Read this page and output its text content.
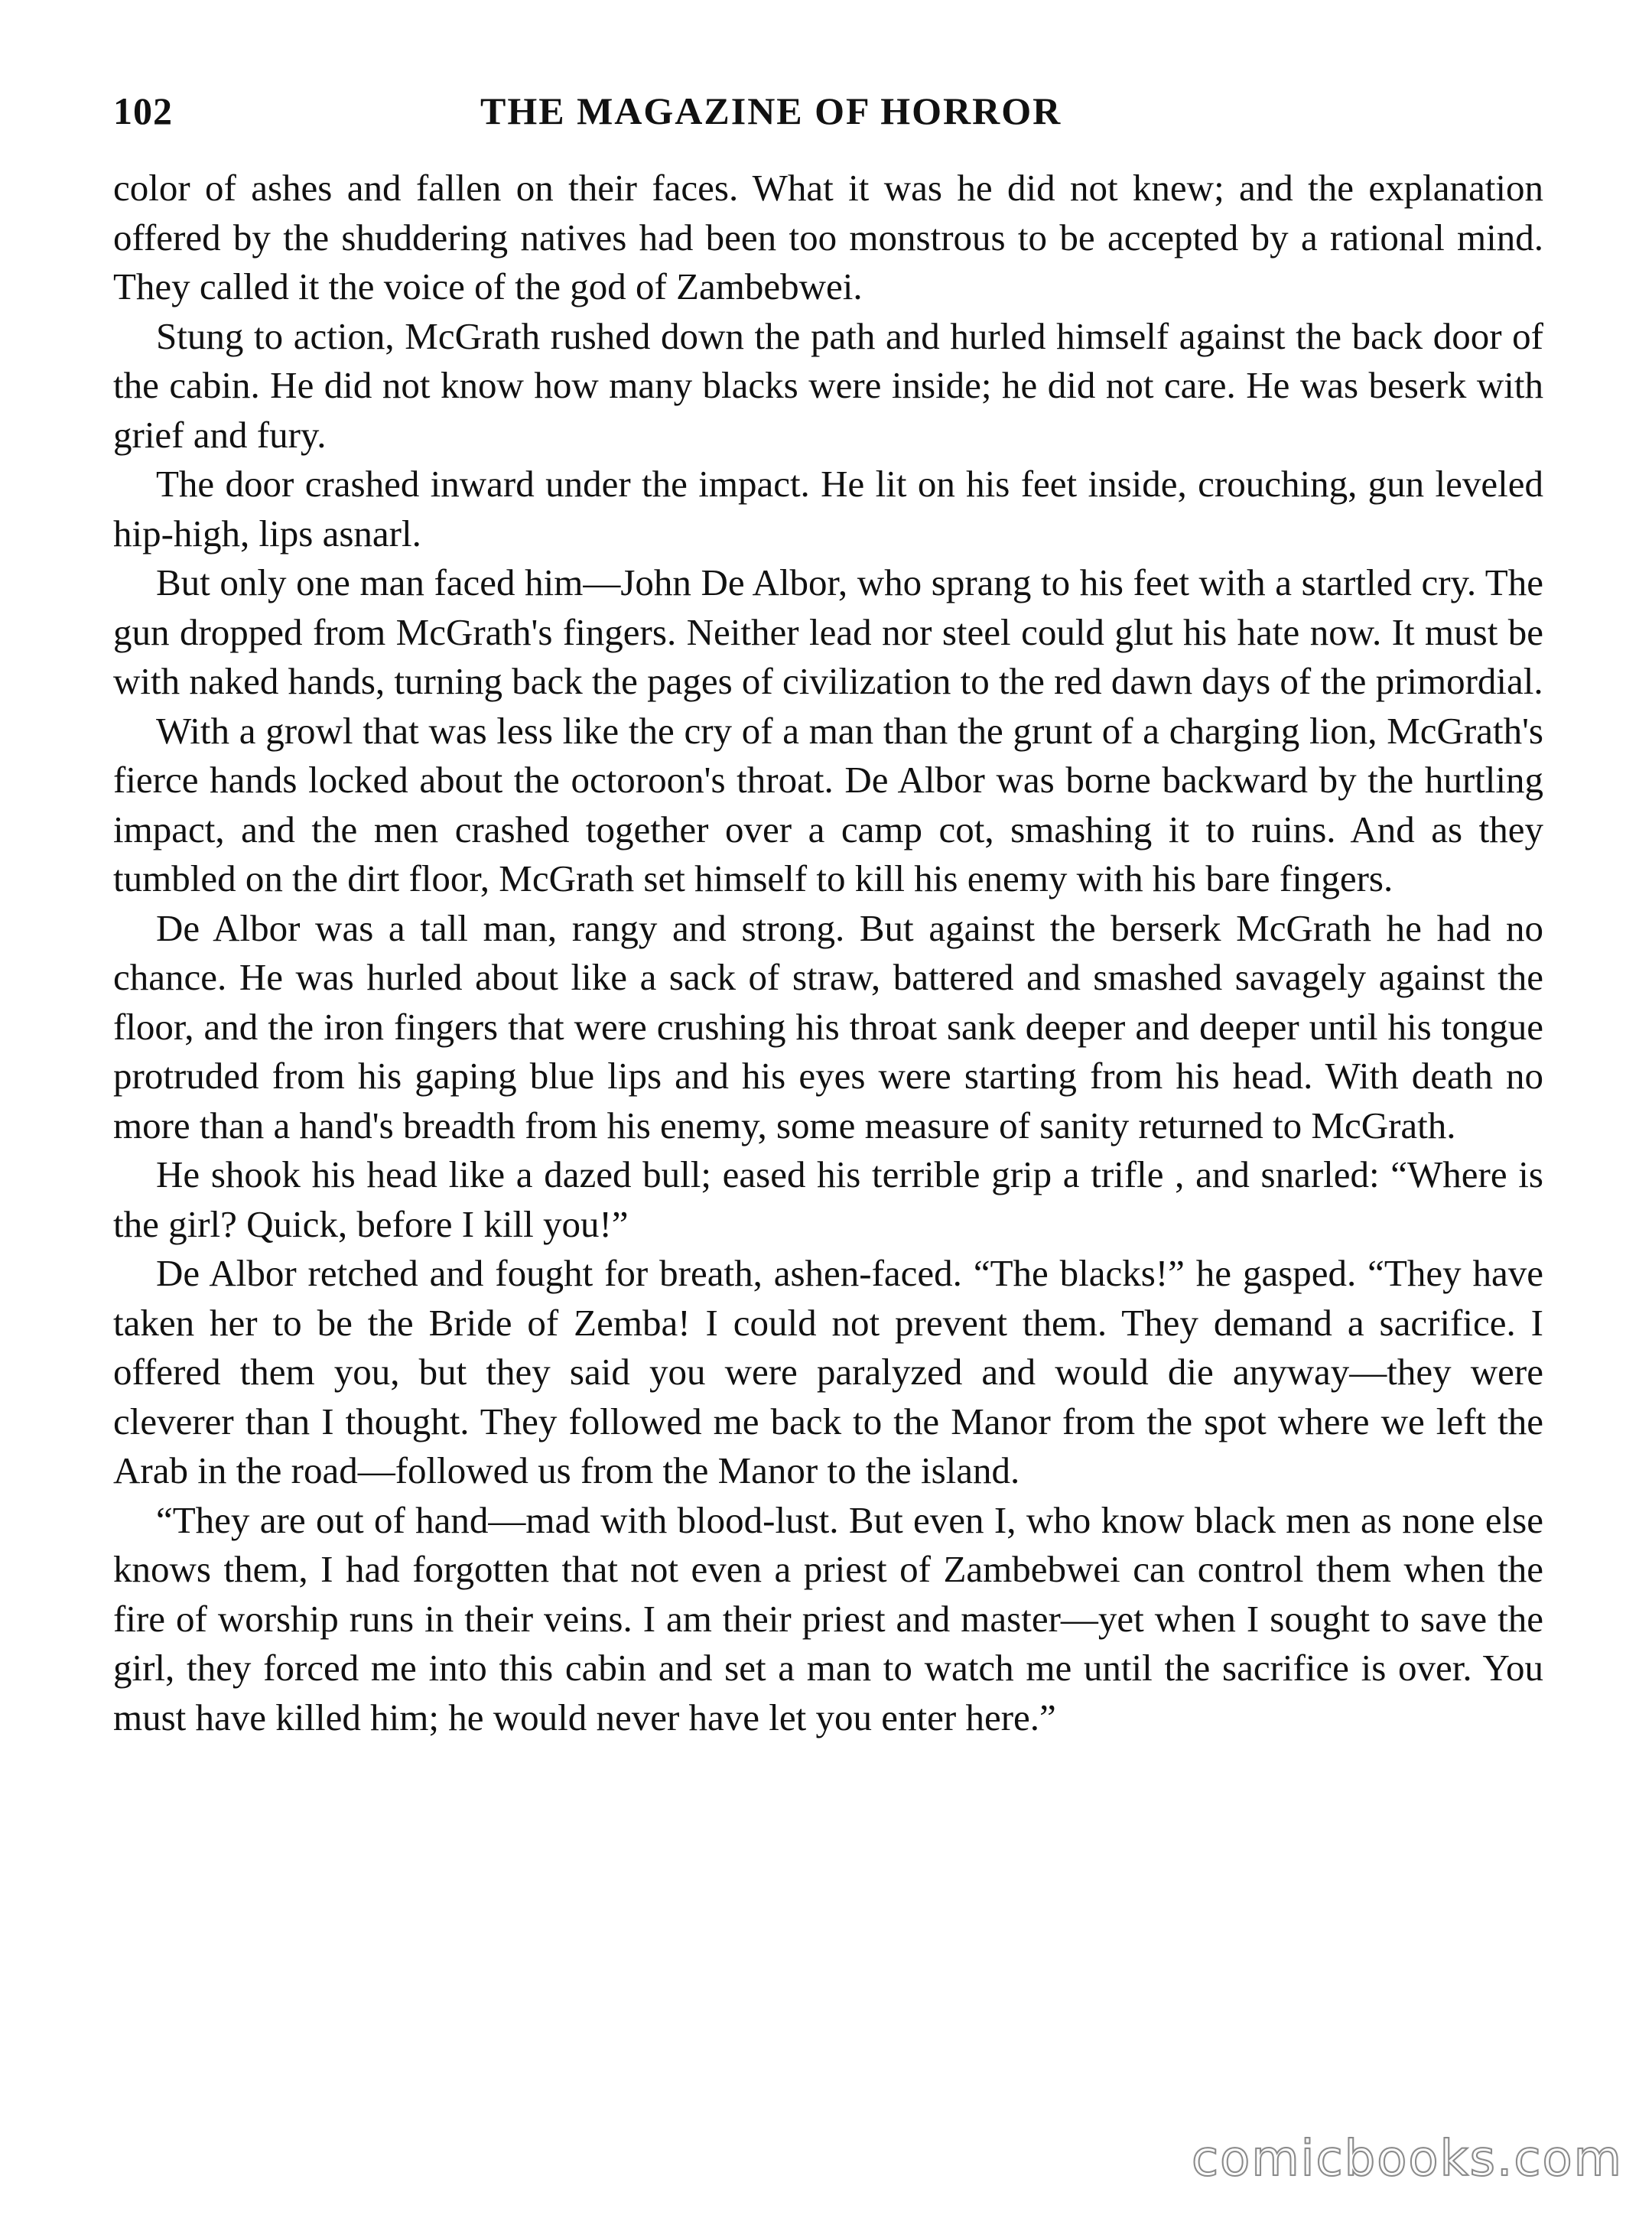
102	THE MAGAZINE OF HORROR

color of ashes and fallen on their faces. What it was he did not knew; and the explanation offered by the shuddering natives had been too monstrous to be accepted by a rational mind. They called it the voice of the god of Zambebwei.

Stung to action, McGrath rushed down the path and hurled himself against the back door of the cabin. He did not know how many blacks were inside; he did not care. He was beserk with grief and fury.

The door crashed inward under the impact. He lit on his feet inside, crouching, gun leveled hip-high, lips asnarl.

But only one man faced him—John De Albor, who sprang to his feet with a startled cry. The gun dropped from McGrath's fingers. Neither lead nor steel could glut his hate now. It must be with naked hands, turning back the pages of civilization to the red dawn days of the primordial.

With a growl that was less like the cry of a man than the grunt of a charging lion, McGrath's fierce hands locked about the octoroon's throat. De Albor was borne backward by the hurtling impact, and the men crashed together over a camp cot, smashing it to ruins. And as they tumbled on the dirt floor, McGrath set himself to kill his enemy with his bare fingers.

De Albor was a tall man, rangy and strong. But against the berserk McGrath he had no chance. He was hurled about like a sack of straw, battered and smashed savagely against the floor, and the iron fingers that were crushing his throat sank deeper and deeper until his tongue protruded from his gaping blue lips and his eyes were starting from his head. With death no more than a hand's breadth from his enemy, some measure of sanity returned to McGrath.

He shook his head like a dazed bull; eased his terrible grip a trifle , and snarled: “Where is the girl? Quick, before I kill you!”

De Albor retched and fought for breath, ashen-faced. “The blacks!” he gasped. “They have taken her to be the Bride of Zemba! I could not prevent them. They demand a sacrifice. I offered them you, but they said you were paralyzed and would die anyway—they were cleverer than I thought. They followed me back to the Manor from the spot where we left the Arab in the road—followed us from the Manor to the island.

“They are out of hand—mad with blood-lust. But even I, who know black men as none else knows them, I had forgotten that not even a priest of Zambebwei can control them when the fire of worship runs in their veins. I am their priest and master—yet when I sought to save the girl, they forced me into this cabin and set a man to watch me until the sacrifice is over. You must have killed him; he would never have let you enter here.”

comicbooks.com
